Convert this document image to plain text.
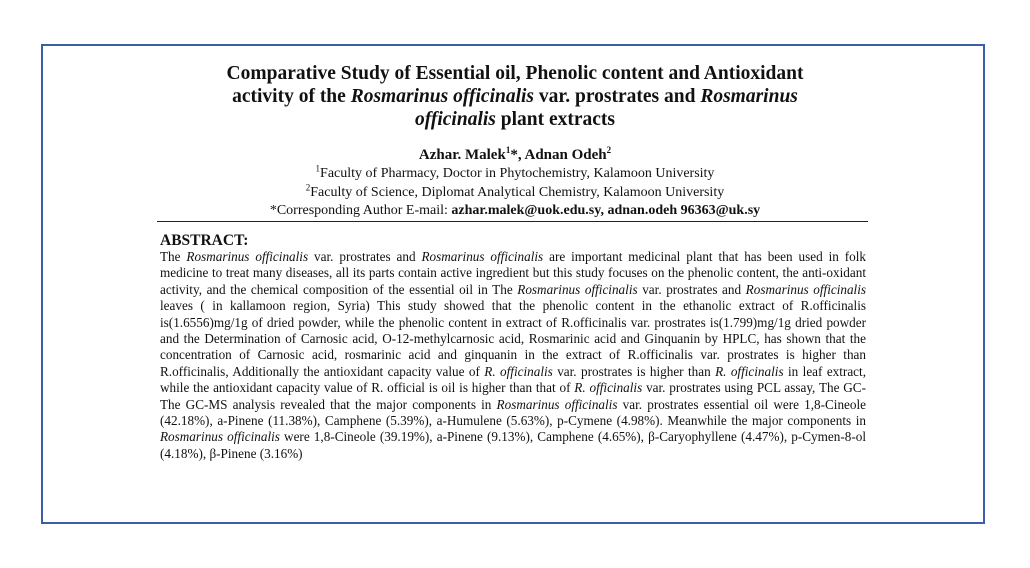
Comparative Study of Essential oil, Phenolic content and Antioxidant
activity of the Rosmarinus officinalis var. prostrates and Rosmarinus
officinalis plant extracts
Azhar. Malek$^1$*, Adnan Odeh$^2$
$^1$Faculty of Pharmacy, Doctor in Phytochemistry, Kalamoon University
$^2$Faculty of Science, Diplomat Analytical Chemistry, Kalamoon University
*Corresponding Author E-mail: azhar.malek@uok.edu.sy, adnan.odeh 96363@uk.sy
ABSTRACT:
The Rosmarinus officinalis var. prostrates and Rosmarinus officinalis are important medicinal plant that has been used in folk medicine to treat many diseases, all its parts contain active ingredient but this study focuses on the phenolic content, the anti-oxidant activity, and the chemical composition of the essential oil in The Rosmarinus officinalis var. prostrates and Rosmarinus officinalis leaves ( in kallamoon region, Syria) This study showed that the phenolic content in the ethanolic extract of R.officinalis is(1.6556)mg/1g of dried powder, while the phenolic content in extract of R.officinalis var. prostrates is(1.799)mg/1g dried powder and the Determination of Carnosic acid, O-12-methylcarnosic acid, Rosmarinic acid and Ginquanin by HPLC, has shown that the concentration of Carnosic acid, rosmarinic acid and ginquanin in the extract of R.officinalis var. prostrates is higher than R.officinalis, Additionally the antioxidant capacity value of R. officinalis var. prostrates is higher than R. officinalis in leaf extract, while the antioxidant capacity value of R. official is oil is higher than that of R. officinalis var. prostrates using PCL assay, The GC- The GC-MS analysis revealed that the major components in Rosmarinus officinalis var. prostrates essential oil were 1,8-Cineole (42.18%), a-Pinene (11.38%), Camphene (5.39%), a-Humulene (5.63%), p-Cymene (4.98%). Meanwhile the major components in Rosmarinus officinalis were 1,8-Cineole (39.19%), a-Pinene (9.13%), Camphene (4.65%), β-Caryophyllene (4.47%), p-Cymen-8-ol (4.18%), β-Pinene (3.16%)
